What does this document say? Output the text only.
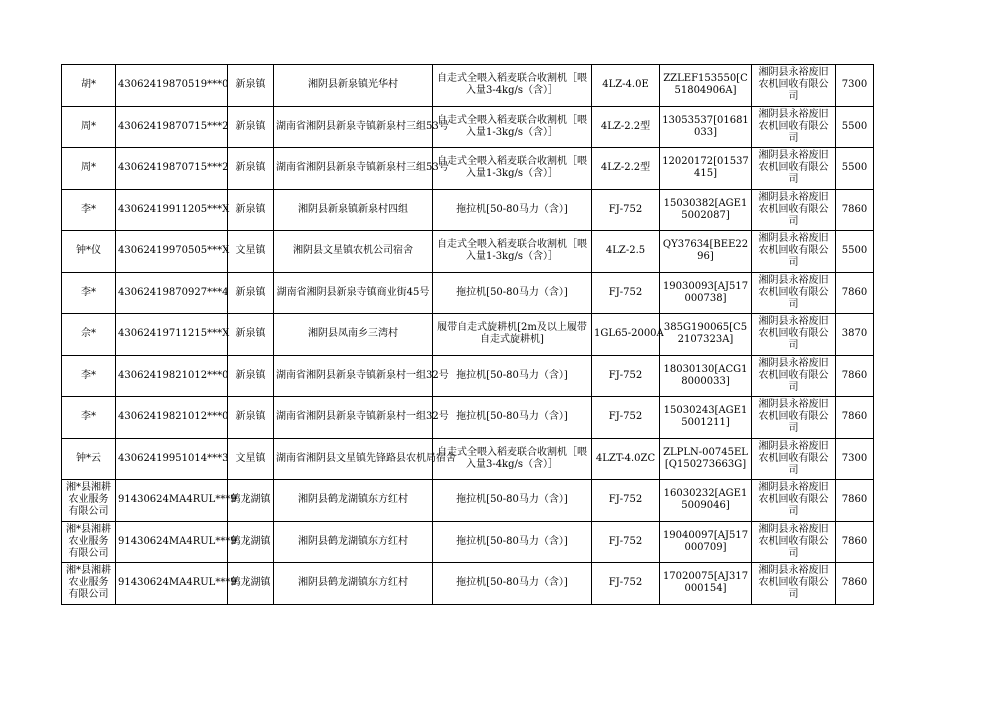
胡*	43062419870519***0	新泉镇	湘阴县新泉镇光华村	自走式全喂入稻麦联合收割机［喂入量3-4kg/s（含）］	4LZ-4.0E	ZZLEF153550[C51804906A]	湘阴县永裕废旧农机回收有限公司	7300
周*	43062419870715***2	新泉镇	湖南省湘阴县新泉寺镇新泉村三组53号	自走式全喂入稻麦联合收割机［喂入量1-3kg/s（含）］	4LZ-2.2型	13053537[01681033]	湘阴县永裕废旧农机回收有限公司	5500
周*	43062419870715***2	新泉镇	湖南省湘阴县新泉寺镇新泉村三组53号	自走式全喂入稻麦联合收割机［喂入量1-3kg/s（含）］	4LZ-2.2型	12020172[01537415]	湘阴县永裕废旧农机回收有限公司	5500
李*	43062419911205***X	新泉镇	湘阴县新泉镇新泉村四组	拖拉机[50-80马力（含）]	FJ-752	15030382[AGE15002087]	湘阴县永裕废旧农机回收有限公司	7860
钟*仪	43062419970505***X	文星镇	湘阴县文星镇农机公司宿舍	自走式全喂入稻麦联合收割机［喂入量1-3kg/s（含）］	4LZ-2.5	QY37634[BEE2296]	湘阴县永裕废旧农机回收有限公司	5500
李*	43062419870927***4	新泉镇	湖南省湘阴县新泉寺镇商业街45号	拖拉机[50-80马力（含）]	FJ-752	19030093[AJ517000738]	湘阴县永裕废旧农机回收有限公司	7860
佘*	43062419711215***X	新泉镇	湘阴县凤南乡三湾村	履带自走式旋耕机[2m及以上履带自走式旋耕机]	1GL65-2000A	385G190065[C52107323A]	湘阴县永裕废旧农机回收有限公司	3870
李*	43062419821012***0	新泉镇	湖南省湘阴县新泉寺镇新泉村一组32号	拖拉机[50-80马力（含）]	FJ-752	18030130[ACG18000033]	湘阴县永裕废旧农机回收有限公司	7860
李*	43062419821012***0	新泉镇	湖南省湘阴县新泉寺镇新泉村一组32号	拖拉机[50-80马力（含）]	FJ-752	15030243[AGE15001211]	湘阴县永裕废旧农机回收有限公司	7860
钟*云	43062419951014***3	文星镇	湖南省湘阴县文星镇先锋路县农机局宿舍	自走式全喂入稻麦联合收割机［喂入量3-4kg/s（含）］	4LZT-4.0ZC	ZLPLN-00745EL[Q150273663G]	湘阴县永裕废旧农机回收有限公司	7300
湘*县湘耕农业服务有限公司	91430624MA4RUL***9	鹤龙湖镇	湘阴县鹤龙湖镇东方红村	拖拉机[50-80马力（含）]	FJ-752	16030232[AGE15009046]	湘阴县永裕废旧农机回收有限公司	7860
湘*县湘耕农业服务有限公司	91430624MA4RUL***9	鹤龙湖镇	湘阴县鹤龙湖镇东方红村	拖拉机[50-80马力（含）]	FJ-752	19040097[AJ517000709]	湘阴县永裕废旧农机回收有限公司	7860
湘*县湘耕农业服务有限公司	91430624MA4RUL***9	鹤龙湖镇	湘阴县鹤龙湖镇东方红村	拖拉机[50-80马力（含）]	FJ-752	17020075[AJ317000154]	湘阴县永裕废旧农机回收有限公司	7860
